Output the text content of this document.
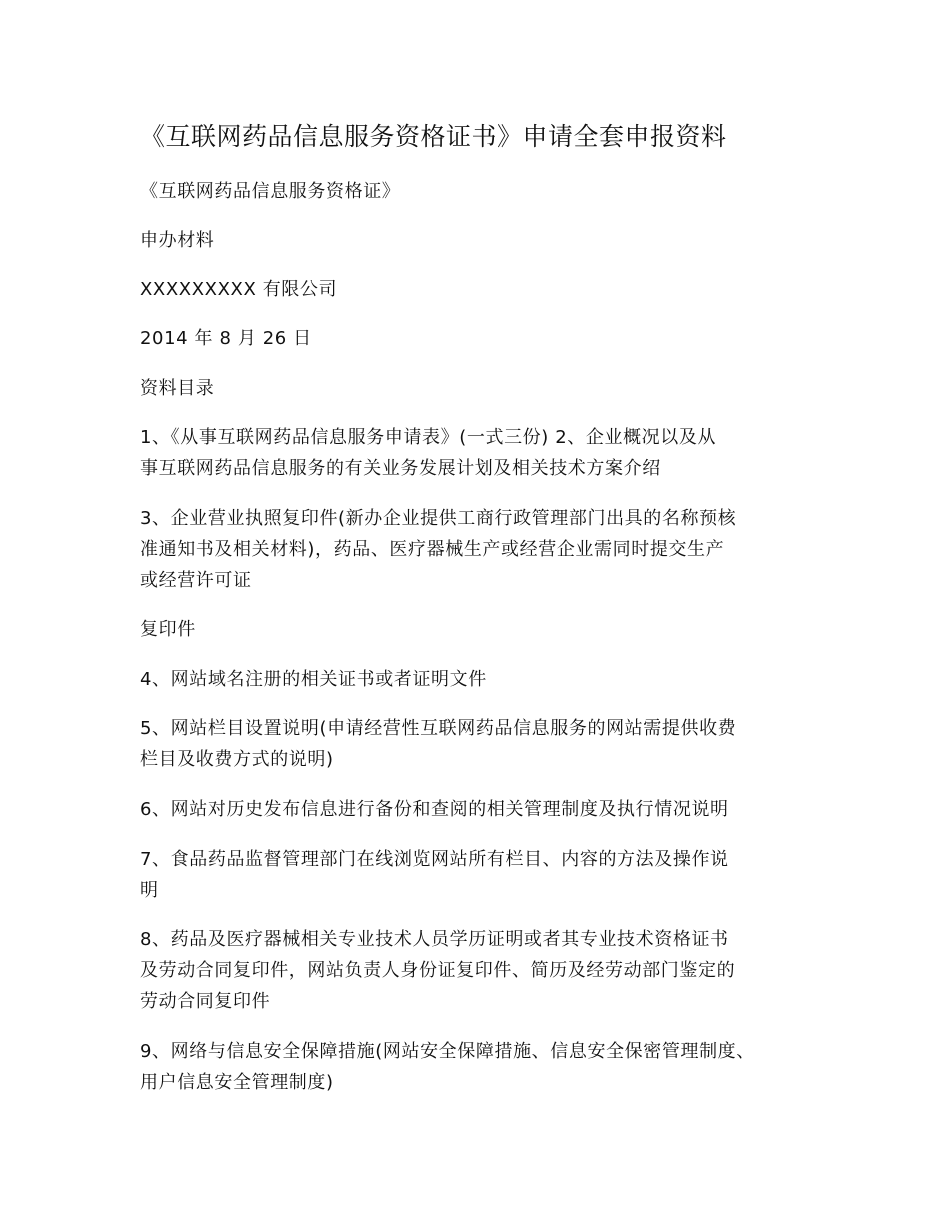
《互联网药品信息服务资格证书》申请全套申报资料

《互联网药品信息服务资格证》

申办材料

XXXXXXXXX 有限公司

2014 年 8 月 26 日

资料目录

1、《从事互联网药品信息服务申请表》(一式三份) 2、企业概况以及从
事互联网药品信息服务的有关业务发展计划及相关技术方案介绍

3、企业营业执照复印件(新办企业提供工商行政管理部门出具的名称预核
准通知书及相关材料)，药品、医疗器械生产或经营企业需同时提交生产
或经营许可证

复印件

4、网站域名注册的相关证书或者证明文件

5、网站栏目设置说明(申请经营性互联网药品信息服务的网站需提供收费
栏目及收费方式的说明)

6、网站对历史发布信息进行备份和查阅的相关管理制度及执行情况说明

7、食品药品监督管理部门在线浏览网站所有栏目、内容的方法及操作说
明

8、药品及医疗器械相关专业技术人员学历证明或者其专业技术资格证书
及劳动合同复印件，网站负责人身份证复印件、简历及经劳动部门鉴定的
劳动合同复印件

9、网络与信息安全保障措施(网站安全保障措施、信息安全保密管理制度、
用户信息安全管理制度)
